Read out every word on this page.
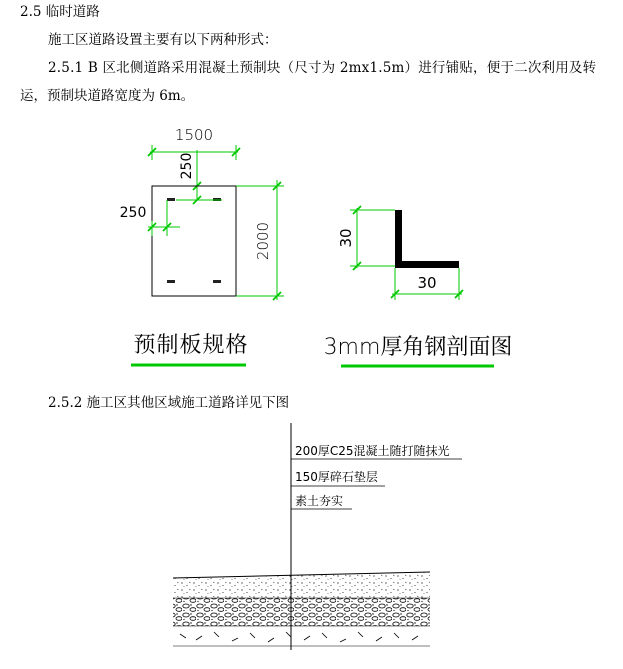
2.5 临时道路
施工区道路设置主要有以下两种形式：
2.5.1 B 区北侧道路采用混凝土预制块（尺寸为 2mx1.5m）进行铺贴，便于二次利用及转
运，预制块道路宽度为 6m。
2.5.2 施工区其他区域施工道路详见下图
1500
250
250
2000
预制板规格
30
30
3mm厚角钢剖面图
200厚C25混凝土随打随抹光
150厚碎石垫层
素土夯实
